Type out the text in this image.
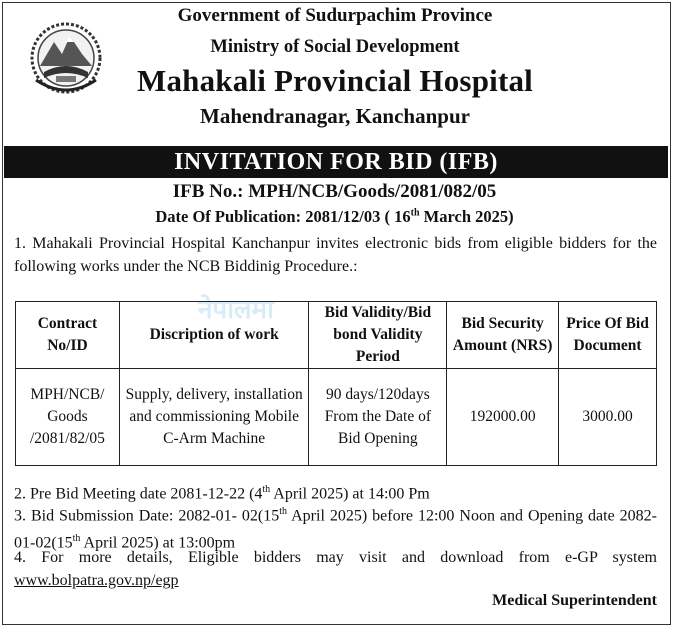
Government of Sudurpachim Province
Ministry of Social Development
Mahakali Provincial Hospital
Mahendranagar, Kanchanpur
INVITATION FOR BID (IFB)
IFB No.: MPH/NCB/Goods/2081/082/05
Date Of Publication: 2081/12/03 ( 16th March 2025)
1. Mahakali Provincial Hospital Kanchanpur invites electronic bids from eligible bidders for the following works under the NCB Biddinig Procedure.:
नेपालमा
Contract No/ID	Discription of work	Bid Validity/Bid bond Validity Period	Bid Security Amount (NRS)	Price Of Bid Document
MPH/NCB/ Goods /2081/82/05	Supply, delivery, installation and commissioning Mobile C-Arm Machine	90 days/120days From the Date of Bid Opening	192000.00	3000.00
2. Pre Bid Meeting date 2081-12-22 (4th April 2025) at 14:00 Pm
3. Bid Submission Date: 2082-01- 02(15th April 2025) before 12:00 Noon and Opening date 2082-01-02(15th April 2025) at 13:00pm
4. For more details, Eligible bidders may visit and download from e-GP system www.bolpatra.gov.np/egp
Medical Superintendent
